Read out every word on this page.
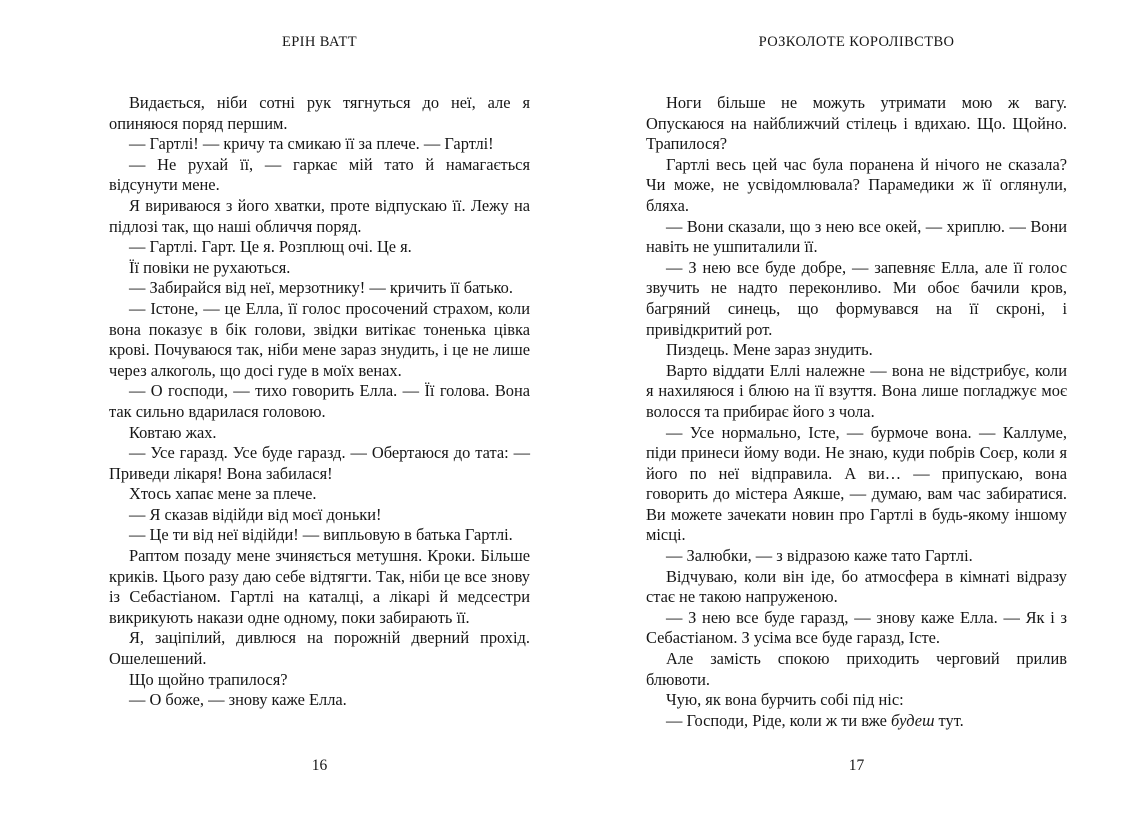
ЕРІН ВАТТ

Видається, ніби сотні рук тягнуться до неї, але я опиняюся поряд першим.

— Гартлі! — кричу та смикаю її за плече. — Гартлі!

— Не рухай її, — гаркає мій тато й намагається відсунути мене.

Я вириваюся з його хватки, проте відпускаю її. Лежу на підлозі так, що наші обличчя поряд.

— Гартлі. Гарт. Це я. Розплющ очі. Це я.

Її повіки не рухаються.

— Забирайся від неї, мерзотнику! — кричить її батько.

— Істоне, — це Елла, її голос просочений страхом, коли вона показує в бік голови, звідки витікає тоненька цівка крові. Почуваюся так, ніби мене зараз знудить, і це не лише через алкоголь, що досі гуде в моїх венах.

— О господи, — тихо говорить Елла. — Її голова. Вона так сильно вдарилася головою.

Ковтаю жах.

— Усе гаразд. Усе буде гаразд. — Обертаюся до тата: — Приведи лікаря! Вона забилася!

Хтось хапає мене за плече.

— Я сказав відійди від моєї доньки!

— Це ти від неї відійди! — випльовую в батька Гартлі.

Раптом позаду мене зчиняється метушня. Кроки. Більше криків. Цього разу даю себе відтягти. Так, ніби це все знову із Себастіаном. Гартлі на каталці, а лікарі й медсестри викрикують накази одне одному, поки забирають її.

Я, заціпілий, дивлюся на порожній дверний прохід. Ошелешений.

Що щойно трапилося?

— О боже, — знову каже Елла.

16
РОЗКОЛОТЕ КОРОЛІВСТВО

Ноги більше не можуть утримати мою ж вагу. Опускаюся на найближчий стілець і вдихаю. Що. Щойно. Трапилося?

Гартлі весь цей час була поранена й нічого не сказала? Чи може, не усвідомлювала? Парамедики ж її оглянули, бляха.

— Вони сказали, що з нею все окей, — хриплю. — Вони навіть не ушпиталили її.

— З нею все буде добре, — запевняє Елла, але її голос звучить не надто переконливо. Ми обоє бачили кров, багряний синець, що формувався на її скроні, і привідкритий рот.

Пиздець. Мене зараз знудить.

Варто віддати Еллі належне — вона не відстрибує, коли я нахиляюся і блюю на її взуття. Вона лише погладжує моє волосся та прибирає його з чола.

— Усе нормально, Істе, — бурмоче вона. — Каллуме, піди принеси йому води. Не знаю, куди побрів Соєр, коли я його по неї відправила. А ви… — припускаю, вона говорить до містера Аякше, — думаю, вам час забиратися. Ви можете зачекати новин про Гартлі в будь-якому іншому місці.

— Залюбки, — з відразою каже тато Гартлі.

Відчуваю, коли він іде, бо атмосфера в кімнаті відразу стає не такою напруженою.

— З нею все буде гаразд, — знову каже Елла. — Як і з Себастіаном. З усіма все буде гаразд, Істе.

Але замість спокою приходить черговий прилив блювоти.

Чую, як вона бурчить собі під ніс:

— Господи, Ріде, коли ж ти вже будеш тут.

17
